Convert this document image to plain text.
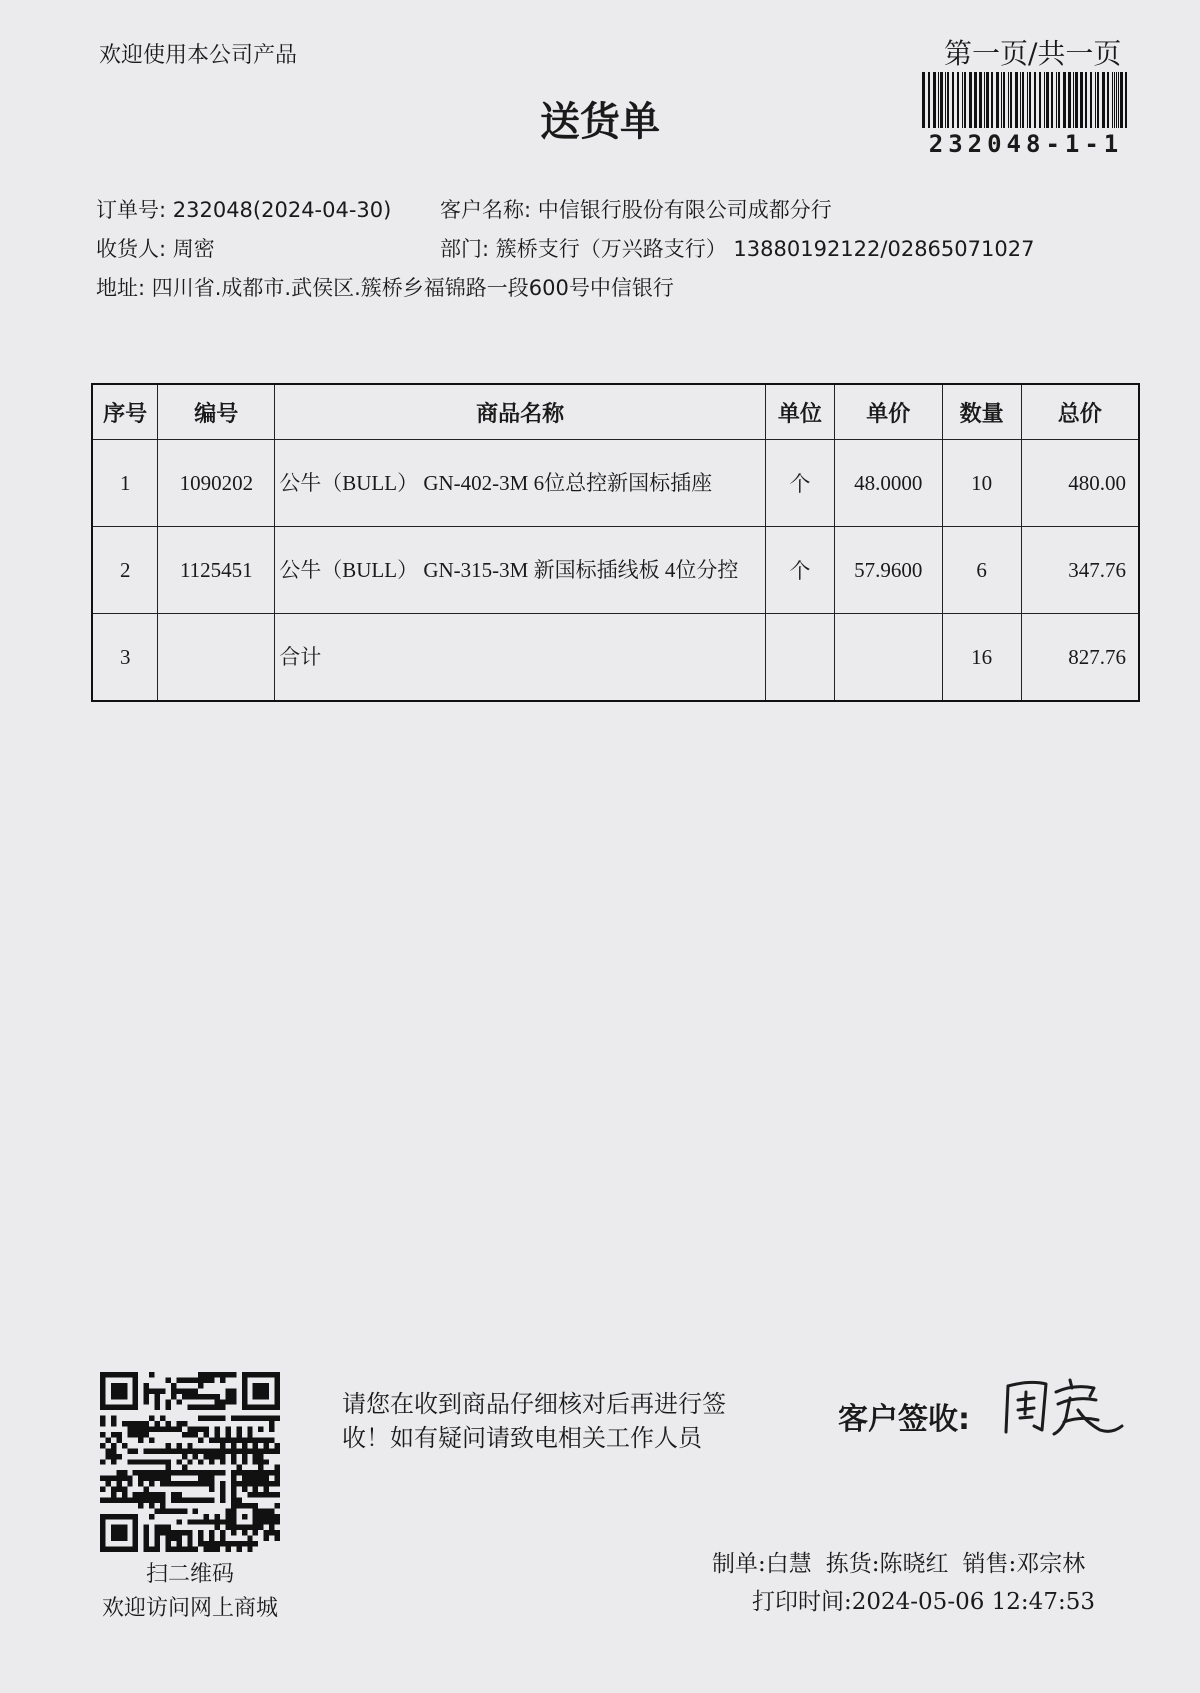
欢迎使用本公司产品	第一页/共一页
232048-1-1
送货单
订单号: 232048(2024-04-30) 客户名称: 中信银行股份有限公司成都分行
收货人: 周密	部门: 簇桥支行（万兴路支行） 13880192122/02865071027
地址: 四川省.成都市.武侯区.簇桥乡福锦路一段600号中信银行
序号	编号	商品名称	单位	单价	数量	总价
1	1090202	公牛（BULL） GN-402-3M 6位总控新国标插座	个	48.0000	10	480.00
2	1125451	公牛（BULL） GN-315-3M 新国标插线板 4位分控	个	57.9600	6	347.76
3		合计			16	827.76
扫二维码
欢迎访问网上商城
请您在收到商品仔细核对后再进行签收！如有疑问请致电相关工作人员
客户签收:
制单:白慧 拣货:陈晓红 销售:邓宗林
打印时间:2024-05-06 12:47:53
